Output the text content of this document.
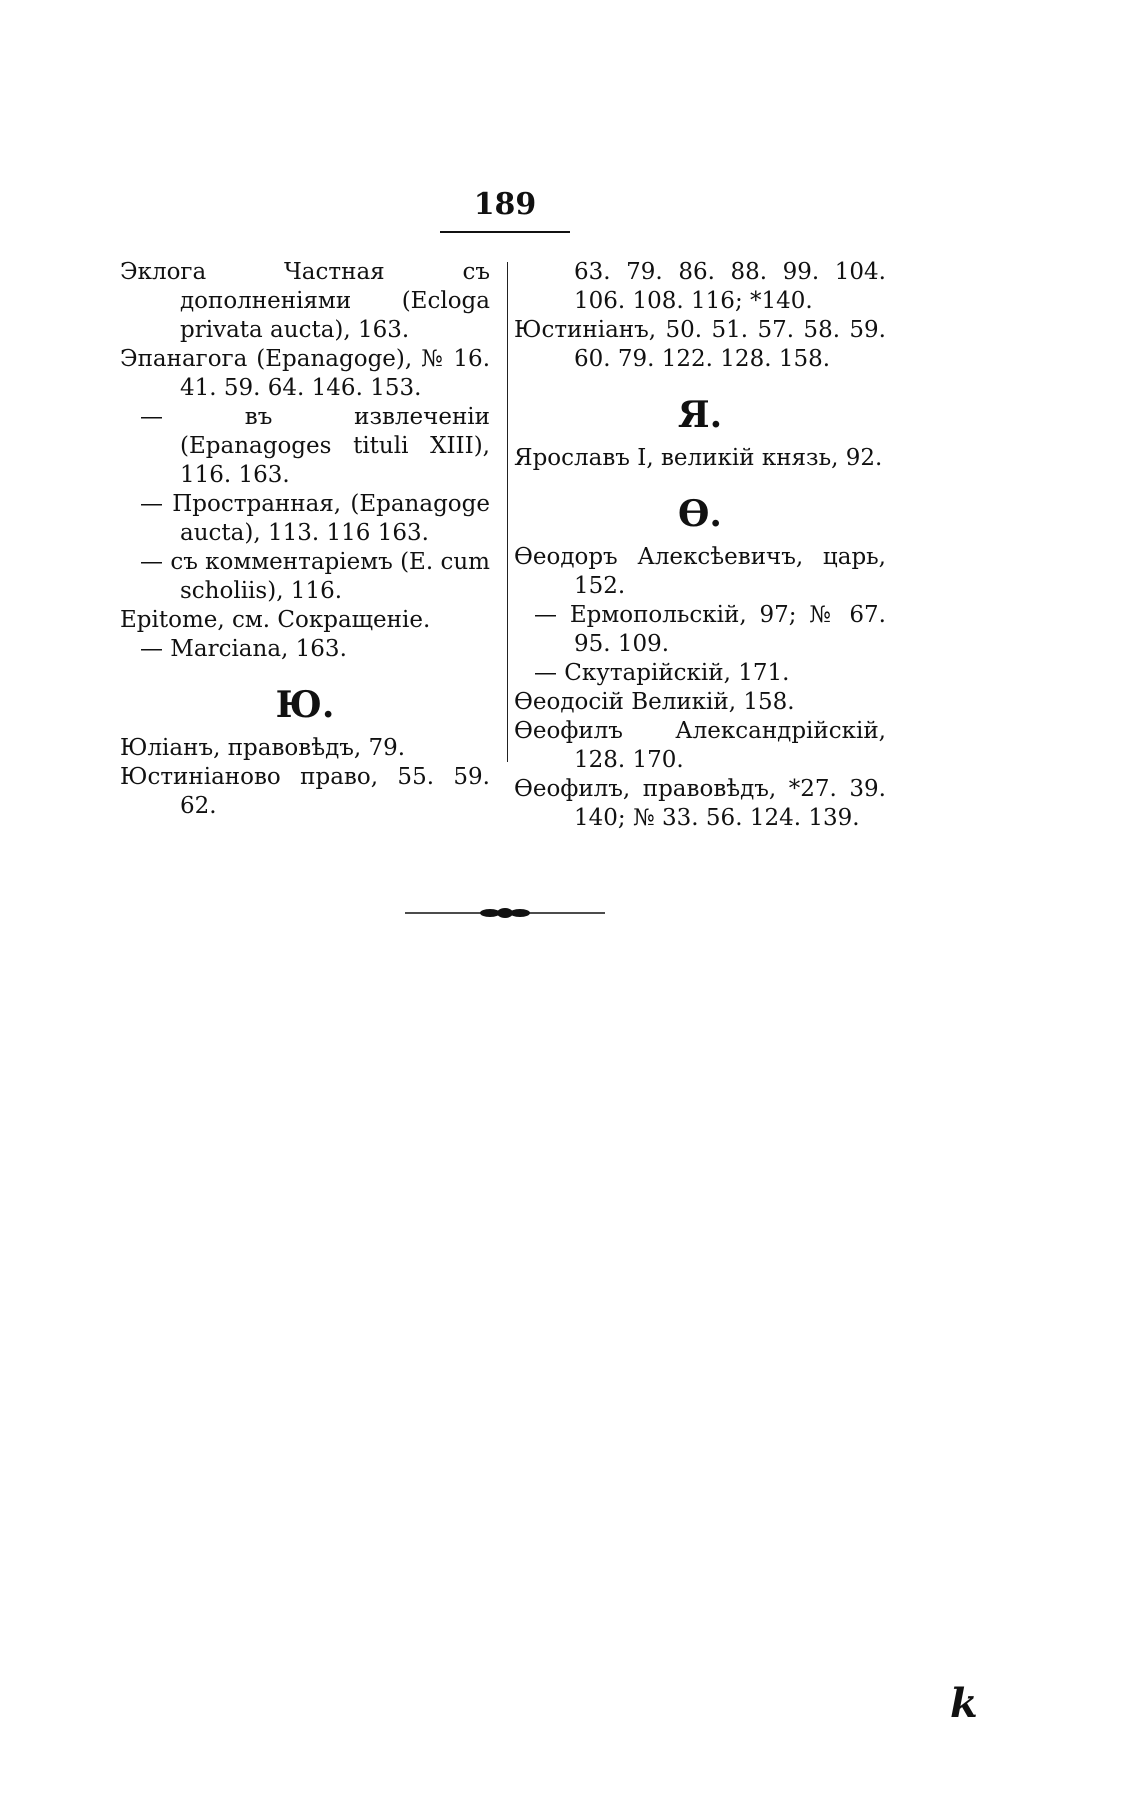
189
Эклога Частная съ дополненіями (Ecloga privata aucta), 163.
Эпанагога (Epanagoge), № 16. 41. 59. 64. 146. 153.
— въ извлеченіи (Epanagoges tituli XIII), 116. 163.
— Пространная, (Epanagoge aucta), 113. 116 163.
— съ комментаріемъ (E. cum scholiis), 116.
Epitome, см. Сокращеніе.
— Marciana, 163.
Ю.
Юліанъ, правовѣдъ, 79.
Юстиніаново право, 55. 59. 62.
63. 79. 86. 88. 99. 104. 106. 108. 116; *140.
Юстиніанъ, 50. 51. 57. 58. 59. 60. 79. 122. 128. 158.
Я.
Ярославъ I, великій князь, 92.
Ѳ.
Ѳеодоръ Алексѣевичъ, царь, 152.
— Ермопольскій, 97; № 67. 95. 109.
— Скутарійскій, 171.
Ѳеодосій Великій, 158.
Ѳеофилъ Александрійскій, 128. 170.
Ѳеофилъ, правовѣдъ, *27. 39. 140; № 33. 56. 124. 139.
k
